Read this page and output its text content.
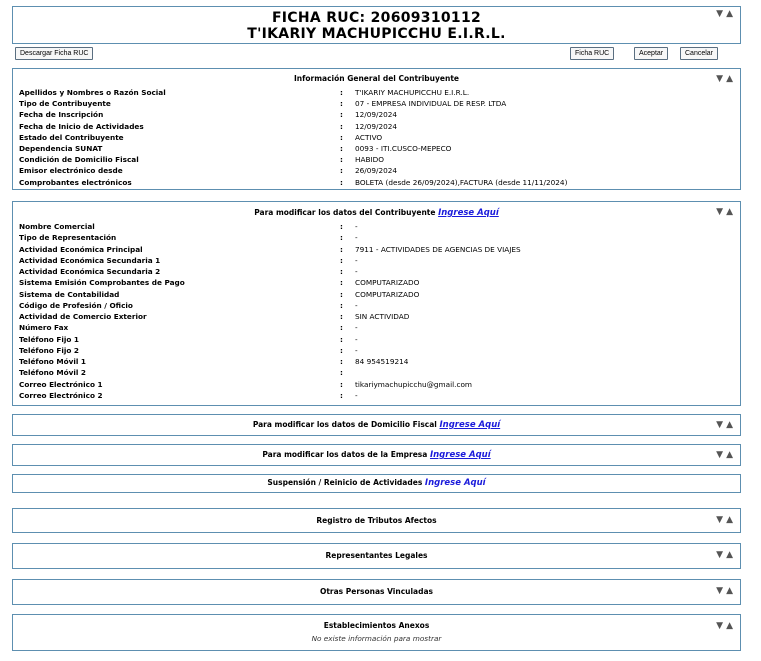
▼ ▲
FICHA RUC: 20609310112
T'IKARIY MACHUPICCHU E.I.R.L.
Descargar Ficha RUC	Ficha RUC	Aceptar	Cancelar
▼ ▲
Información General del Contribuyente
Apellidos y Nombres o Razón Social	: T'IKARIY MACHUPICCHU E.I.R.L.
Tipo de Contribuyente	: 07 - EMPRESA INDIVIDUAL DE RESP. LTDA
Fecha de Inscripción	: 12/09/2024
Fecha de Inicio de Actividades	: 12/09/2024
Estado del Contribuyente	: ACTIVO
Dependencia SUNAT	: 0093 - ITI.CUSCO-MEPECO
Condición de Domicilio Fiscal	: HABIDO
Emisor electrónico desde	: 26/09/2024
Comprobantes electrónicos	: BOLETA (desde 26/09/2024),FACTURA (desde 11/11/2024)
▼ ▲
Para modificar los datos del Contribuyente Ingrese Aquí
Nombre Comercial	: -
Tipo de Representación	: -
Actividad Económica Principal	: 7911 - ACTIVIDADES DE AGENCIAS DE VIAJES
Actividad Económica Secundaria 1	: -
Actividad Económica Secundaria 2	: -
Sistema Emisión Comprobantes de Pago	: COMPUTARIZADO
Sistema de Contabilidad	: COMPUTARIZADO
Código de Profesión / Oficio	: -
Actividad de Comercio Exterior	: SIN ACTIVIDAD
Número Fax	: -
Teléfono Fijo 1	: -
Teléfono Fijo 2	: -
Teléfono Móvil 1	: 84 954519214
Teléfono Móvil 2	:
Correo Electrónico 1	: tikariymachupicchu@gmail.com
Correo Electrónico 2	: -
▼ ▲
Para modificar los datos de Domicilio Fiscal Ingrese Aquí
▼ ▲
Para modificar los datos de la Empresa Ingrese Aquí
Suspensión / Reinicio de Actividades Ingrese Aquí
▼ ▲
Registro de Tributos Afectos
▼ ▲
Representantes Legales
▼ ▲
Otras Personas Vinculadas
▼ ▲
Establecimientos Anexos
No existe información para mostrar
